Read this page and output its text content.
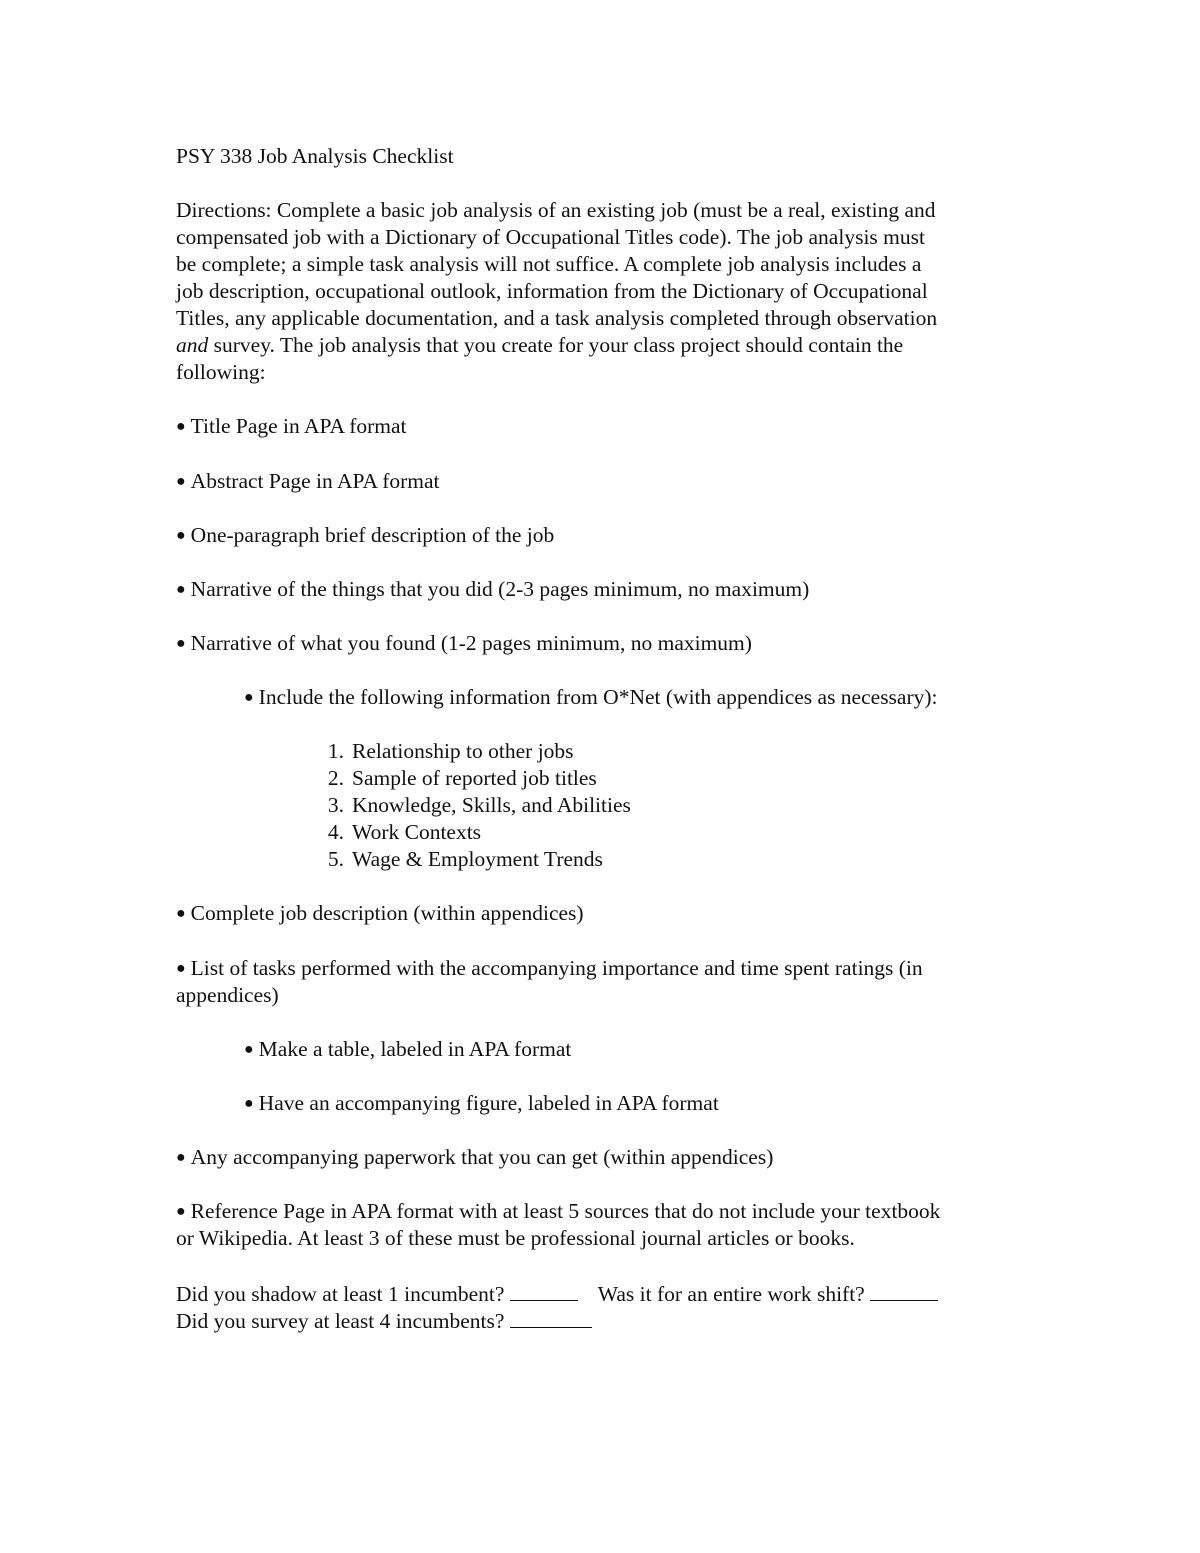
PSY 338 Job Analysis Checklist
Directions: Complete a basic job analysis of an existing job (must be a real, existing and
compensated job with a Dictionary of Occupational Titles code). The job analysis must
be complete; a simple task analysis will not suffice. A complete job analysis includes a
job description, occupational outlook, information from the Dictionary of Occupational
Titles, any applicable documentation, and a task analysis completed through observation
and survey. The job analysis that you create for your class project should contain the
following:
● Title Page in APA format
● Abstract Page in APA format
● One-paragraph brief description of the job
● Narrative of the things that you did (2-3 pages minimum, no maximum)
● Narrative of what you found (1-2 pages minimum, no maximum)
● Include the following information from O*Net (with appendices as necessary):
1. Relationship to other jobs
2. Sample of reported job titles
3. Knowledge, Skills, and Abilities
4. Work Contexts
5. Wage & Employment Trends
● Complete job description (within appendices)
● List of tasks performed with the accompanying importance and time spent ratings (in
appendices)
● Make a table, labeled in APA format
● Have an accompanying figure, labeled in APA format
● Any accompanying paperwork that you can get (within appendices)
● Reference Page in APA format with at least 5 sources that do not include your textbook
or Wikipedia. At least 3 of these must be professional journal articles or books.
Did you shadow at least 1 incumbent?	Was it for an entire work shift?
Did you survey at least 4 incumbents?
